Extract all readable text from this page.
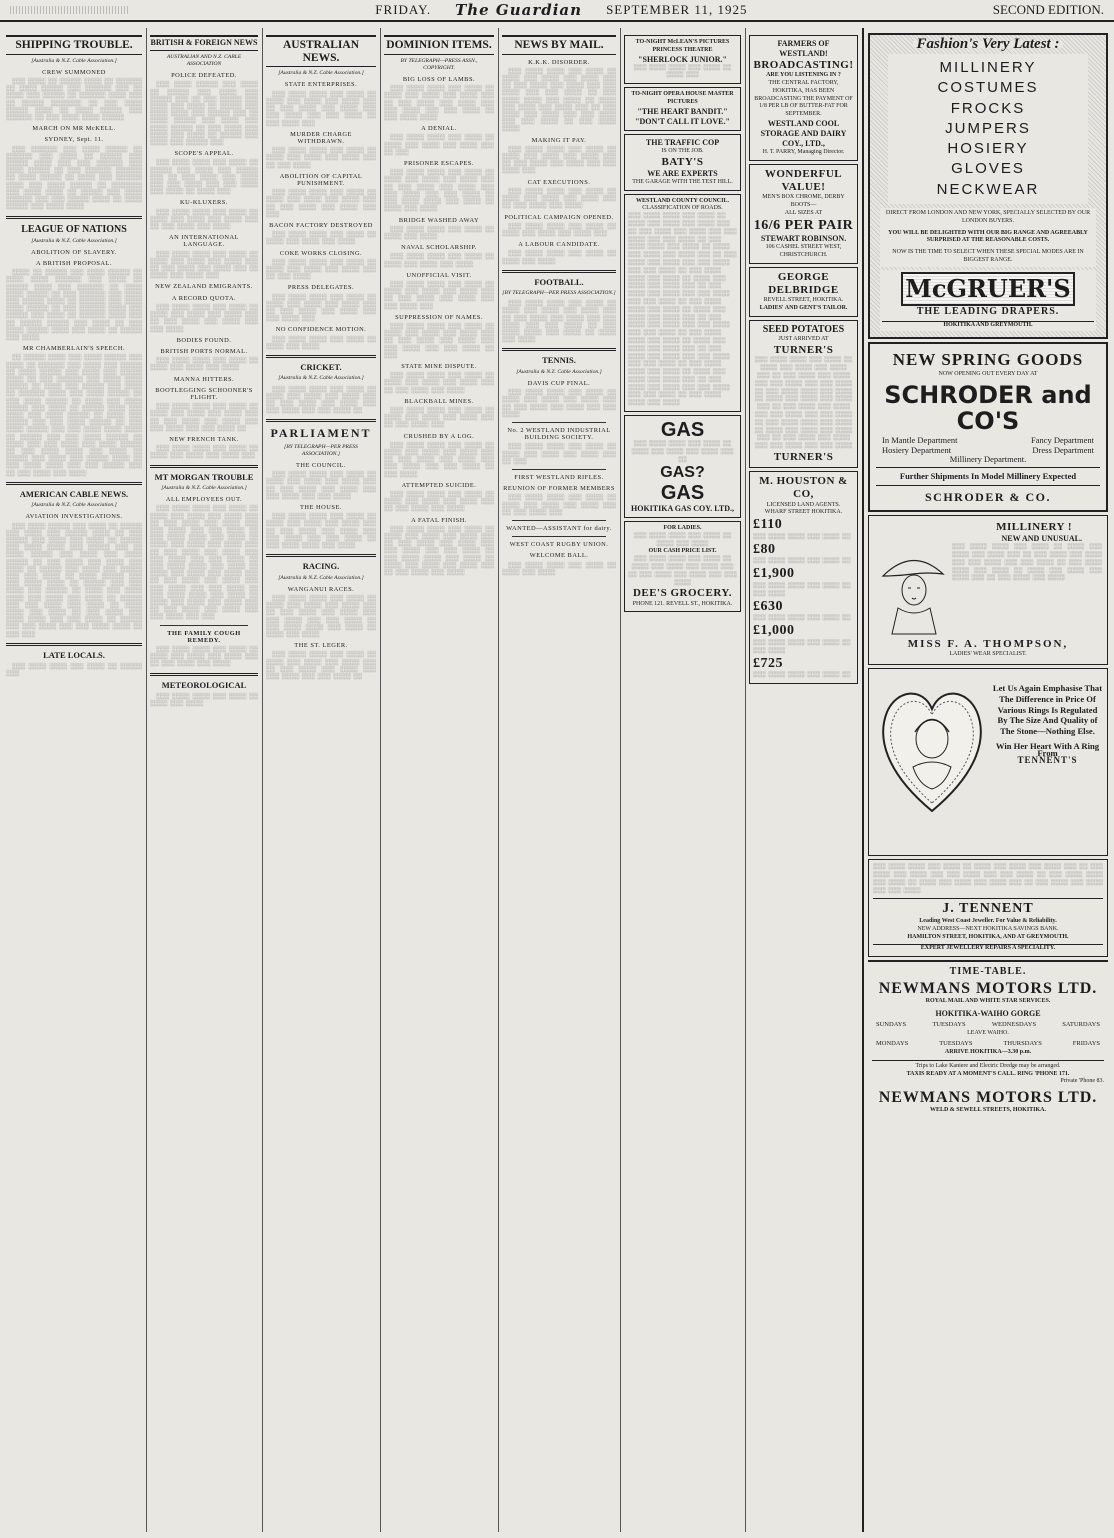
FRIDAY. The Guardian SEPTEMBER 11, 1925	SECOND EDITION.
SHIPPING TROUBLE.
[Australia & N.Z. Cable Association.]
CREW SUMMONED

░░░ ░░░░ ░░ ░░░░░ ░░░░ ░░ ░░░░░░ ░░ ░░░░ ░░░░░ ░░░ ░░░░░░ ░░░ ░░ ░░░░ ░░░ ░░░░░ ░░ ░░░░░░ ░░░░ ░░░ ░░ ░░░░░ ░░░░░░░ ░░ ░░░ ░░░░ ░░░░░ ░░░░ ░░ ░░░░ ░░░░░ ░░░ ░░░░░░ ░░ ░░░ ░░░░ ░░░░ ░░░░░

MARCH ON MR McKELL.
SYDNEY, Sept. 11.

░░░ ░░░░░░ ░░░ ░░░░ ░░░░░ ░░ ░░░░░░ ░░░ ░░░░ ░░ ░░░░░ ░░░ ░░░░░ ░░░░ ░░░ ░░░ ░░░░░░ ░░░ ░░░░ ░░░░░ ░░ ░░░ ░░░░░░ ░░░░░░ ░░ ░░░░ ░░░░░ ░░ ░░░░ ░░░ ░░░░░░ ░░░░ ░░░ ░░░░ ░░░░░ ░░ ░░░░░░░ ░░░ ░░░░ ░░░░ ░░ ░░░░░ ░░░ ░░░░ ░░░░░░ ░░░ ░░░ ░░░░░ ░░░░ ░░ ░░░░ ░░░░░ ░░░ ░░░░ ░░░░

LEAGUE OF NATIONS
[Australia & N.Z. Cable Association.]
ABOLITION OF SLAVERY.
A BRITISH PROPOSAL.

░░░░ ░░ ░░░░░ ░░░ ░░░░ ░░░░░ ░░ ░░░░ ░░░░ ░░░░░░ ░░░ ░░░░ ░░ ░░░░░ ░░░░ ░░░ ░░░░░░ ░░ ░░░░ ░░░░ ░░░░░ ░░ ░░░ ░░░░░░ ░░░ ░░░░ ░░░ ░░░░░ ░░░░ ░░ ░░░░░░ ░░░ ░░░░ ░░░░ ░░░░░ ░░ ░░░ ░░░░░░ ░░░░ ░░░ ░░░░░ ░░░ ░░░░ ░░ ░░░░░░ ░░░░ ░░░ ░░ ░░░░░ ░░░░░ ░░░ ░░░░ ░░ ░░░ ░░░░ ░░░░░ ░░░░ ░░░ ░░░░ ░░ ░░░░░ ░░░ ░░░░

MR CHAMBERLAIN'S SPEECH.

░░ ░░░░░ ░░░░ ░░░ ░░░░ ░░░░░ ░░░ ░░░░ ░░ ░░░░░░ ░░░ ░░░░ ░░░ ░░░░░ ░░ ░░░░ ░░░░░ ░░░ ░░░░ ░░░ ░░░░░ ░░░░ ░░ ░░░ ░░░░░░ ░░░ ░░░░ ░░░░ ░░░░░ ░░ ░░░░ ░░░ ░░░░░ ░░░ ░░░░ ░░ ░░░░░░ ░░░░ ░░░ ░░░░ ░░░░░ ░░ ░░░ ░░░░ ░░░░░ ░░ ░░░░ ░░░ ░░░░ ░░░░░ ░░░ ░░░░ ░░ ░░░░░ ░░░░ ░░░ ░░░░ ░░░ ░░░░ ░░░░░ ░░ ░░░░ ░░░ ░░░░░ ░░░ ░░░ ░░░░ ░░░░░ ░░ ░░░ ░░░░ ░░░░░ ░░░ ░░░ ░░░░ ░░░░ ░░░░ ░░ ░░░░░ ░░░ ░░░ ░░░░ ░░░░░ ░░ ░░░░ ░░░ ░░░ ░░░░ ░░░ ░░░░ ░░░░░ ░░ ░░░ ░░░░ ░░░░ ░░░ ░░░░ ░░ ░░░░░ ░░░ ░░░░ ░░░ ░░░░░ ░░░░ ░░ ░░░ ░░░░ ░░░░ ░░░ ░░░ ░░░░░ ░░░ ░░ ░░░ ░░░░ ░░░ ░░░░

AMERICAN CABLE NEWS.
[Australia & N.Z. Cable Association.]
AVIATION INVESTIGATIONS.

░░░ ░░░░ ░░░░░ ░░░ ░░░░ ░░ ░░░░░ ░░░ ░░░░ ░░░ ░░░░░ ░░░░ ░░ ░░░ ░░░░░ ░░░ ░░░░ ░░░ ░░░░ ░░ ░░░░░ ░░░ ░░░░ ░░░░ ░░░ ░░░░░ ░░░ ░░ ░░░░ ░░░░░ ░░░ ░░░░ ░░░ ░░░░ ░░░░░ ░░ ░░░ ░░░░ ░░░ ░░░░ ░░░ ░░░░ ░░ ░░░░░ ░░░ ░░░░ ░░░ ░░░░░ ░░░ ░░░ ░░░░ ░░ ░░░░ ░░░░░ ░░░ ░░░ ░░░░ ░░░░ ░░ ░░░░░ ░░░ ░░░ ░░░░ ░░░ ░░░░░ ░░ ░░░░ ░░░ ░░░░ ░░░░ ░░░ ░░░░ ░░░ ░░░░ ░░ ░░░░░ ░░░ ░░░ ░░░░ ░░░ ░░░░ ░░ ░░░░ ░░░░ ░░░ ░░░░ ░░ ░░░ ░░░░ ░░░ ░░░░ ░░░░ ░░░ ░░░ ░░░░ ░░ ░░░░░ ░░░ ░░░ ░░░░ ░░░ ░░░ ░░░░ ░░░░ ░░ ░░░ ░░░

LATE LOCALS.

░░░ ░░░░ ░░░░ ░░░ ░░░░ ░░ ░░░░░ ░░░

BRITISH & FOREIGN NEWS
AUSTRALIAN AND N.Z. CABLE ASSOCIATION
POLICE DEFEATED.

░░░ ░░░░ ░░░░░ ░░░ ░░░░ ░░ ░░░░░ ░░░ ░░░░ ░░░ ░░░░░ ░░░ ░░ ░░░ ░░░░░ ░░░ ░░░░ ░░░ ░░░░ ░░ ░░░░░ ░░░ ░░░░ ░░░░ ░░░ ░░░░░ ░░░ ░░ ░░░░ ░░░░░ ░░░ ░░░░ ░░░ ░░░░ ░░░░░ ░░ ░░░ ░░░░ ░░░ ░░░░ ░░░ ░░░░ ░░ ░░░░░ ░░░ ░░░░ ░░░ ░░░░░ ░░░

SCOPE'S APPEAL.

░░░ ░░░░ ░░░░ ░░░ ░░░░ ░░ ░░░░░ ░░░ ░░░░ ░░░ ░░░░░ ░░░ ░░ ░░░ ░░░░ ░░░ ░░░░ ░░░ ░░░ ░░░░ ░░░ ░░░ ░░░░ ░░░ ░░░░ ░░ ░░░░ ░░░

KU-KLUXERS.

░░░ ░░░░ ░░░░ ░░░ ░░░░ ░░ ░░░░ ░░░ ░░░░ ░░░ ░░░░ ░░░ ░░ ░░░ ░░░░ ░░░ ░░░░

AN INTERNATIONAL LANGUAGE.

░░░ ░░░░ ░░░░ ░░░ ░░░░ ░░ ░░░░ ░░░ ░░░░ ░░░ ░░░░ ░░░ ░░ ░░░ ░░░░ ░░░ ░░░░ ░░░ ░░ ░░░░ ░░░ ░░░░ ░░░

NEW ZEALAND EMIGRANTS.
A RECORD QUOTA.

░░░ ░░░░ ░░░░ ░░░ ░░░░ ░░ ░░░░ ░░░ ░░░░ ░░░ ░░░░ ░░░ ░░ ░░░ ░░░░ ░░░ ░░░░ ░░░ ░░░ ░░░░

BODIES FOUND.
BRITISH PORTS NORMAL.

░░░ ░░░░ ░░░░ ░░░ ░░░░ ░░ ░░░░ ░░░ ░░░░ ░░░ ░░░░

MANNA HITTERS.
BOOTLEGGING SCHOONER'S FLIGHT.

░░░ ░░░░ ░░░░ ░░░ ░░░░ ░░ ░░░░ ░░░ ░░░░ ░░░ ░░░░ ░░░ ░░ ░░░ ░░░░ ░░░ ░░░░ ░░░ ░░░ ░░░░ ░░░ ░░░ ░░░░ ░░

NEW FRENCH TANK.

░░░ ░░░░ ░░░░ ░░░ ░░░░ ░░ ░░░░ ░░░ ░░░░ ░░░ ░░░░ ░░░

MT MORGAN TROUBLE
[Australia & N.Z. Cable Association.]
ALL EMPLOYEES OUT.

░░░ ░░░░ ░░░░ ░░░ ░░░░ ░░ ░░░░ ░░░ ░░░░ ░░░ ░░░░ ░░░ ░░ ░░░ ░░░░ ░░░ ░░░░ ░░░ ░░░ ░░░░ ░░░ ░░░ ░░░░ ░░ ░░░ ░░░░ ░░░░ ░░░ ░░░░ ░░ ░░░░ ░░░ ░░░░ ░░░ ░░░░ ░░░ ░░ ░░░ ░░░░ ░░░ ░░░░ ░░░ ░░░ ░░░░ ░░░ ░░░ ░░░░ ░░ ░░░ ░░░░ ░░░░ ░░░ ░░░░ ░░ ░░░░ ░░░ ░░░░ ░░░ ░░░░ ░░░ ░░ ░░░ ░░░░ ░░░ ░░░░ ░░░ ░░░ ░░░░ ░░░ ░░░ ░░░░ ░░ ░░░ ░░░░ ░░░░ ░░░ ░░░░ ░░ ░░░░ ░░░ ░░░░ ░░░ ░░░░ ░░░ ░░ ░░░ ░░░░ ░░░ ░░░░ ░░░ ░░░ ░░░░ ░░░ ░░░

THE FAMILY COUGH REMEDY.

░░░ ░░░░ ░░░░ ░░░ ░░░░ ░░ ░░░░ ░░░ ░░░░ ░░░ ░░░░ ░░░ ░░ ░░░ ░░░░ ░░░ ░░░░

METEOROLOGICAL

░░░ ░░░░ ░░░░ ░░░ ░░░░ ░░ ░░░░ ░░░ ░░░░

AUSTRALIAN NEWS.
[Australia & N.Z. Cable Association.]
STATE ENTERPRISES.

░░░ ░░░░ ░░░░ ░░░ ░░░░ ░░ ░░░░ ░░░ ░░░░ ░░░ ░░░░ ░░░ ░░ ░░░ ░░░░ ░░░ ░░░░ ░░░ ░░░ ░░░░ ░░░ ░░░ ░░░░ ░░ ░░░ ░░░░ ░░░

MURDER CHARGE WITHDRAWN.

░░░ ░░░░ ░░░░ ░░░ ░░░░ ░░ ░░░░ ░░░ ░░░░ ░░░ ░░░░ ░░░ ░░ ░░░ ░░░░

ABOLITION OF CAPITAL PUNISHMENT.

░░░ ░░░░ ░░░░ ░░░ ░░░░ ░░ ░░░░ ░░░ ░░░░ ░░░ ░░░░ ░░░ ░░ ░░░ ░░░░ ░░░ ░░░░ ░░░ ░░░

BACON FACTORY DESTROYED

░░░ ░░░░ ░░░░ ░░░ ░░░░ ░░ ░░░░ ░░░ ░░░░ ░░░ ░░░░

COKE WORKS CLOSING.

░░░ ░░░░ ░░░░ ░░░ ░░░░ ░░ ░░░░ ░░░ ░░░░ ░░░ ░░░░ ░░░ ░░ ░░░ ░░░░

PRESS DELEGATES.

░░░ ░░░░ ░░░░ ░░░ ░░░░ ░░ ░░░░ ░░░ ░░░░ ░░░ ░░░░ ░░░ ░░ ░░░ ░░░░ ░░░ ░░░░ ░░░ ░░░ ░░░░ ░░░

NO CONFIDENCE MOTION.

░░░ ░░░░ ░░░░ ░░░ ░░░░ ░░ ░░░░ ░░░ ░░░░

CRICKET.
[Australia & N.Z. Cable Association.]

░░░ ░░░░ ░░░░ ░░░ ░░░░ ░░ ░░░░ ░░░ ░░░░ ░░░ ░░░░ ░░░ ░░ ░░░ ░░░░ ░░░ ░░░░ ░░░ ░░░ ░░░░ ░░░ ░░░ ░░░░ ░░

PARLIAMENT
[BY TELEGRAPH—PER PRESS ASSOCIATION.]
THE COUNCIL.

░░░ ░░░░ ░░░░ ░░░ ░░░░ ░░ ░░░░ ░░░ ░░░░ ░░░ ░░░░ ░░░ ░░ ░░░ ░░░░ ░░░ ░░░░ ░░░ ░░░ ░░░░ ░░░ ░░░ ░░░░

THE HOUSE.

░░░ ░░░░ ░░░░ ░░░ ░░░░ ░░ ░░░░ ░░░ ░░░░ ░░░ ░░░░ ░░░ ░░ ░░░ ░░░░ ░░░ ░░░░ ░░░ ░░░ ░░░░ ░░░ ░░░ ░░░░ ░░ ░░░ ░░░░ ░░░░ ░░░ ░░░░

RACING.
[Australia & N.Z. Cable Association.]
WANGANUI RACES.

░░░ ░░░░ ░░░░ ░░░ ░░░░ ░░ ░░░░ ░░░ ░░░░ ░░░ ░░░░ ░░░ ░░ ░░░ ░░░░ ░░░ ░░░░ ░░░ ░░░ ░░░░ ░░░ ░░░ ░░░░ ░░ ░░░ ░░░░ ░░░░ ░░░ ░░░░ ░░ ░░░░ ░░░ ░░░░

THE ST. LEGER.

░░░ ░░░░ ░░░░ ░░░ ░░░░ ░░ ░░░░ ░░░ ░░░░ ░░░ ░░░░ ░░░ ░░ ░░░ ░░░░ ░░░ ░░░░ ░░░ ░░░ ░░░░ ░░░ ░░░ ░░░░ ░░

DOMINION ITEMS.
BY TELEGRAPH—PRESS ASSN., COPYRIGHT.
BIG LOSS OF LAMBS.

░░░ ░░░░ ░░░░ ░░░ ░░░░ ░░ ░░░░ ░░░ ░░░░ ░░░ ░░░░ ░░░ ░░ ░░░ ░░░░ ░░░ ░░░░ ░░░ ░░░ ░░░░ ░░░ ░░░ ░░░░ ░░ ░░░ ░░░░ ░░░░

A DENIAL.

░░░ ░░░░ ░░░░ ░░░ ░░░░ ░░ ░░░░ ░░░ ░░░░ ░░░ ░░░░ ░░░ ░░ ░░░

PRISONER ESCAPES.

░░░ ░░░░ ░░░░ ░░░ ░░░░ ░░ ░░░░ ░░░ ░░░░ ░░░ ░░░░ ░░░ ░░ ░░░ ░░░░ ░░░ ░░░░ ░░░ ░░░ ░░░░ ░░░ ░░░ ░░░░ ░░ ░░░ ░░░░ ░░░░ ░░░ ░░░░ ░░ ░░░░ ░░░ ░░░░

BRIDGE WASHED AWAY

░░░ ░░░░ ░░░░ ░░░ ░░░░ ░░ ░░░░ ░░░ ░░░░

NAVAL SCHOLARSHIP.

░░░ ░░░░ ░░░░ ░░░ ░░░░ ░░ ░░░░ ░░░ ░░░░ ░░░ ░░░░

UNOFFICIAL VISIT.

░░░ ░░░░ ░░░░ ░░░ ░░░░ ░░ ░░░░ ░░░ ░░░░ ░░░ ░░░░ ░░░ ░░ ░░░ ░░░░ ░░░ ░░░░ ░░░ ░░░ ░░░░ ░░░

SUPPRESSION OF NAMES.

░░░ ░░░░ ░░░░ ░░░ ░░░░ ░░ ░░░░ ░░░ ░░░░ ░░░ ░░░░ ░░░ ░░ ░░░ ░░░░ ░░░ ░░░░ ░░░ ░░░ ░░░░ ░░░ ░░░ ░░░░ ░░ ░░░

STATE MINE DISPUTE.

░░░ ░░░░ ░░░░ ░░░ ░░░░ ░░ ░░░░ ░░░ ░░░░ ░░░ ░░░░ ░░░ ░░ ░░░ ░░░░ ░░░ ░░░░

BLACKBALL MINES.

░░░ ░░░░ ░░░░ ░░░ ░░░░ ░░ ░░░░ ░░░ ░░░░ ░░░ ░░░░ ░░░ ░░ ░░░ ░░░░ ░░░

CRUSHED BY A LOG.

░░░ ░░░░ ░░░░ ░░░ ░░░░ ░░ ░░░░ ░░░ ░░░░ ░░░ ░░░░ ░░░ ░░ ░░░ ░░░░ ░░░ ░░░░ ░░░ ░░░ ░░░░ ░░░ ░░░ ░░░░ ░░ ░░░ ░░░░

ATTEMPTED SUICIDE.

░░░ ░░░░ ░░░░ ░░░ ░░░░ ░░ ░░░░ ░░░ ░░░░ ░░░ ░░░░ ░░░ ░░ ░░░ ░░░░ ░░░ ░░░░

A FATAL FINISH.

░░░ ░░░░ ░░░░ ░░░ ░░░░ ░░ ░░░░ ░░░ ░░░░ ░░░ ░░░░ ░░░ ░░ ░░░ ░░░░ ░░░ ░░░░ ░░░ ░░░ ░░░░ ░░░ ░░░ ░░░░ ░░ ░░░ ░░░░ ░░░░ ░░░ ░░░░ ░░ ░░░░ ░░░ ░░░░ ░░░ ░░░░ ░░░ ░░ ░░░ ░░░░ ░░░ ░░░░

NEWS BY MAIL.
K.K.K. DISORDER.

░░░ ░░░░ ░░░░ ░░░ ░░░░ ░░ ░░░░ ░░░ ░░░░ ░░░ ░░░░ ░░░ ░░ ░░░ ░░░░ ░░░ ░░░░ ░░░ ░░░ ░░░░ ░░░ ░░░ ░░░░ ░░ ░░░ ░░░░ ░░░░ ░░░ ░░░░ ░░ ░░░░ ░░░ ░░░░ ░░░ ░░░░ ░░░ ░░ ░░░ ░░░░ ░░░ ░░░░ ░░░ ░░░ ░░░░ ░░░ ░░░ ░░░░ ░░ ░░░ ░░░░ ░░░░

MAKING IT PAY.

░░░ ░░░░ ░░░░ ░░░ ░░░░ ░░ ░░░░ ░░░ ░░░░ ░░░ ░░░░ ░░░ ░░ ░░░ ░░░░ ░░░ ░░░░ ░░░ ░░░ ░░░░ ░░░

CAT EXECUTIONS.

░░░ ░░░░ ░░░░ ░░░ ░░░░ ░░ ░░░░ ░░░ ░░░░ ░░░ ░░░░ ░░░ ░░ ░░░ ░░░░ ░░░ ░░░░

POLITICAL CAMPAIGN OPENED.

░░░ ░░░░ ░░░░ ░░░ ░░░░ ░░ ░░░░ ░░░ ░░░░ ░░░ ░░░░ ░░░

A LABOUR CANDIDATE.

░░░ ░░░░ ░░░░ ░░░ ░░░░ ░░ ░░░░ ░░░ ░░░░

FOOTBALL.
[BY TELEGRAPH—PER PRESS ASSOCIATION.]

░░░ ░░░░ ░░░░ ░░░ ░░░░ ░░ ░░░░ ░░░ ░░░░ ░░░ ░░░░ ░░░ ░░ ░░░ ░░░░ ░░░ ░░░░ ░░░ ░░░ ░░░░ ░░░ ░░░ ░░░░ ░░ ░░░ ░░░░ ░░░░ ░░░ ░░░░ ░░ ░░░░ ░░░ ░░░░

TENNIS.
[Australia & N.Z. Cable Association.]
DAVIS CUP FINAL.

░░░ ░░░░ ░░░░ ░░░ ░░░░ ░░ ░░░░ ░░░ ░░░░ ░░░ ░░░░ ░░░ ░░ ░░░ ░░░░ ░░░ ░░░░ ░░░ ░░░ ░░░░

No. 2 WESTLAND INDUSTRIAL BUILDING SOCIETY.

░░░ ░░░░ ░░░░ ░░░ ░░░░ ░░ ░░░░ ░░░ ░░░░ ░░░ ░░░░ ░░░ ░░ ░░░

FIRST WESTLAND RIFLES.
REUNION OF FORMER MEMBERS

░░░ ░░░░ ░░░░ ░░░ ░░░░ ░░ ░░░░ ░░░ ░░░░ ░░░ ░░░░ ░░░ ░░ ░░░ ░░░░ ░░░

WANTED—ASSISTANT for dairy.
WEST COAST RUGBY UNION.
WELCOME BALL.

░░░ ░░░░ ░░░░ ░░░ ░░░░ ░░ ░░░░ ░░░ ░░░░

TO-NIGHT McLEAN'S PICTURES PRINCESS THEATRE
"SHERLOCK JUNIOR."
░░░ ░░░░ ░░░░ ░░░ ░░░░ ░░ ░░░░ ░░░
TO-NIGHT OPERA HOUSE MASTER PICTURES
"THE HEART BANDIT."
"DON'T CALL IT LOVE."
THE TRAFFIC COP
IS ON THE JOB.
BATY'S
WE ARE EXPERTS
THE GARAGE WITH THE TEST HILL.
WESTLAND COUNTY COUNCIL.
CLASSIFICATION OF ROADS.
░░░ ░░░░ ░░░░ ░░░ ░░░░ ░░ ░░░░ ░░░ ░░░░ ░░░ ░░░░ ░░░ ░░ ░░░ ░░░░ ░░░ ░░░░ ░░░ ░░░ ░░░░ ░░░ ░░░ ░░░░ ░░ ░░░ ░░░░ ░░░░ ░░░ ░░░░ ░░ ░░░░ ░░░ ░░░░ ░░░ ░░░░ ░░░ ░░ ░░░ ░░░░ ░░░ ░░░░ ░░░ ░░░ ░░░░ ░░░ ░░░ ░░░░ ░░ ░░░ ░░░░ ░░░░ ░░░ ░░░░ ░░ ░░░░ ░░░ ░░░░ ░░░ ░░░░ ░░░ ░░ ░░░ ░░░░ ░░░ ░░░░ ░░░ ░░░ ░░░░ ░░░ ░░░ ░░░░ ░░ ░░░ ░░░░ ░░░░ ░░░ ░░░░ ░░ ░░░░ ░░░ ░░░░ ░░░ ░░░░ ░░░ ░░ ░░░ ░░░░ ░░░ ░░░░ ░░░ ░░░ ░░░░ ░░░ ░░░ ░░░░ ░░ ░░░ ░░░░ ░░░░ ░░░ ░░░░ ░░ ░░░░ ░░░ ░░░░ ░░░ ░░░░ ░░░ ░░ ░░░ ░░░░ ░░░ ░░░░ ░░░ ░░░ ░░░░ ░░░ ░░░ ░░░░ ░░ ░░░ ░░░░ ░░░░ ░░░ ░░░░ ░░ ░░░░ ░░░ ░░░░ ░░░ ░░░░ ░░░ ░░ ░░░ ░░░░ ░░░ ░░░░ ░░░ ░░░ ░░░░ ░░░ ░░░ ░░░░ ░░ ░░░ ░░░░ ░░░░ ░░░ ░░░░
GAS
░░░ ░░░░ ░░░░ ░░░ ░░░░ ░░ ░░░░ ░░░ ░░░░ ░░░ ░░░░ ░░░ ░░
GAS?
GAS
HOKITIKA GAS COY. LTD.,
FOR LADIES.
░░░ ░░░░ ░░░░ ░░░ ░░░░ ░░ ░░░░ ░░░ ░░░░
OUR CASH PRICE LIST.
░░░ ░░░░ ░░░░ ░░░ ░░░░ ░░ ░░░░ ░░░ ░░░░ ░░░ ░░░░ ░░░ ░░ ░░░ ░░░░ ░░░ ░░░░ ░░░ ░░░ ░░░░
DEE'S GROCERY.
PHONE 121. REVELL ST., HOKITIKA.
FARMERS OF WESTLAND!
BROADCASTING!
ARE YOU LISTENING IN ?
THE CENTRAL FACTORY, HOKITIKA, HAS BEEN BROADCASTING THE PAYMENT OF 1/8 PER LB OF BUTTER-FAT FOR SEPTEMBER.
WESTLAND COOL STORAGE AND DAIRY COY., LTD.,
H. T. PARRY, Managing Director.
WONDERFUL VALUE!
MEN'S BOX CHROME, DERBY BOOTS—
ALL SIZES AT
16/6 PER PAIR
STEWART ROBINSON.
106 CASHEL STREET WEST, CHRISTCHURCH.
GEORGE DELBRIDGE
REVELL STREET, HOKITIKA.
LADIES' AND GENT'S TAILOR.
SEED POTATOES
JUST ARRIVED AT
TURNER'S
░░░ ░░░░ ░░░░ ░░░ ░░░░ ░░ ░░░░ ░░░ ░░░░ ░░░ ░░░░ ░░░ ░░ ░░░ ░░░░ ░░░ ░░░░ ░░░ ░░░ ░░░░ ░░░ ░░░ ░░░░ ░░ ░░░ ░░░░ ░░░░ ░░░ ░░░░ ░░ ░░░░ ░░░ ░░░░ ░░░ ░░░░ ░░░ ░░ ░░░ ░░░░ ░░░ ░░░░ ░░░ ░░░ ░░░░ ░░░ ░░░ ░░░░ ░░ ░░░ ░░░░ ░░░░ ░░░ ░░░░ ░░ ░░░░ ░░░ ░░░░ ░░░ ░░░░ ░░░ ░░ ░░░ ░░░░ ░░░ ░░░░ ░░░ ░░░ ░░░░ ░░░ ░░░ ░░░░
TURNER'S
M. HOUSTON & CO,
LICENSED LAND AGENTS.
WHARF STREET HOKITIKA.
£110
░░░ ░░░░ ░░░░ ░░░ ░░░░ ░░
£80
░░░ ░░░░ ░░░░ ░░░ ░░░░ ░░
£1,900
░░░ ░░░░ ░░░░ ░░░ ░░░░ ░░ ░░░ ░░░░
£630
░░░ ░░░░ ░░░░ ░░░ ░░░░ ░░
£1,000
░░░ ░░░░ ░░░░ ░░░ ░░░░ ░░ ░░░ ░░░░
£725
░░░ ░░░░ ░░░░ ░░░ ░░░░ ░░
Fashion's Very Latest :
MILLINERY
COSTUMES
FROCKS
JUMPERS
HOSIERY
GLOVES
NECKWEAR
DIRECT FROM LONDON AND NEW YORK, SPECIALLY SELECTED BY OUR LONDON BUYERS.
YOU WILL BE DELIGHTED WITH OUR BIG RANGE AND AGREEABLY SURPRISED AT THE REASONABLE COSTS.
NOW IS THE TIME TO SELECT WHEN THESE SPECIAL MODES ARE IN BIGGEST RANGE.
McGRUER'S
THE LEADING DRAPERS.
HOKITIKA AND GREYMOUTH.
NEW SPRING GOODS
NOW OPENING OUT EVERY DAY AT
SCHRODER and CO'S
In Mantle Department	Fancy Department
Hosiery Department	Dress Department
Millinery Department.
Further Shipments In Model Millinery Expected
SCHRODER & CO.
MILLINERY !
NEW AND UNUSUAL.
░░░ ░░░░ ░░░░ ░░░ ░░░░ ░░ ░░░░ ░░░ ░░░░ ░░░ ░░░░ ░░░ ░░ ░░░ ░░░░ ░░░ ░░░░ ░░░ ░░░ ░░░░ ░░░ ░░░ ░░░░ ░░ ░░░ ░░░░ ░░░░ ░░░ ░░░░ ░░ ░░░░ ░░░ ░░░░ ░░░ ░░░░ ░░░ ░░ ░░░ ░░░░ ░░░ ░░░░
MISS F. A. THOMPSON,
LADIES' WEAR SPECIALIST.
Let Us Again Emphasise That The Difference in Price Of Various Rings Is Regulated By The Size And Quality of The Stone—Nothing Else.
Win Her Heart With A Ring From
TENNENT'S
░░░ ░░░░ ░░░░ ░░░ ░░░░ ░░ ░░░░ ░░░ ░░░░ ░░░ ░░░░ ░░░ ░░ ░░░ ░░░░ ░░░ ░░░░ ░░░ ░░░ ░░░░ ░░░ ░░░ ░░░░ ░░ ░░░ ░░░░ ░░░░ ░░░ ░░░░ ░░ ░░░░ ░░░ ░░░░ ░░░ ░░░░ ░░░ ░░ ░░░ ░░░░ ░░░ ░░░░ ░░░ ░░░ ░░░░
J. TENNENT
Leading West Coast Jeweller. For Value & Reliability.
NEW ADDRESS—NEXT HOKITIKA SAVINGS BANK.
HAMILTON STREET, HOKITIKA, AND AT GREYMOUTH.
EXPERT JEWELLERY REPAIRS A SPECIALITY.
TIME-TABLE.
NEWMANS MOTORS LTD.
ROYAL MAIL AND WHITE STAR SERVICES.
HOKITIKA-WAIHO GORGE
SUNDAYS	TUESDAYS	WEDNESDAYS	SATURDAYS
LEAVE WAIHO.
MONDAYS	TUESDAYS	THURSDAYS	FRIDAYS
ARRIVE HOKITIKA—3.30 p.m.
Trips to Lake Kaniere and Electric Dredge may be arranged.
TAXIS READY AT A MOMENT'S CALL. RING 'PHONE 171.
Private 'Phone 83.
NEWMANS MOTORS LTD.
WELD & SEWELL STREETS, HOKITIKA.
